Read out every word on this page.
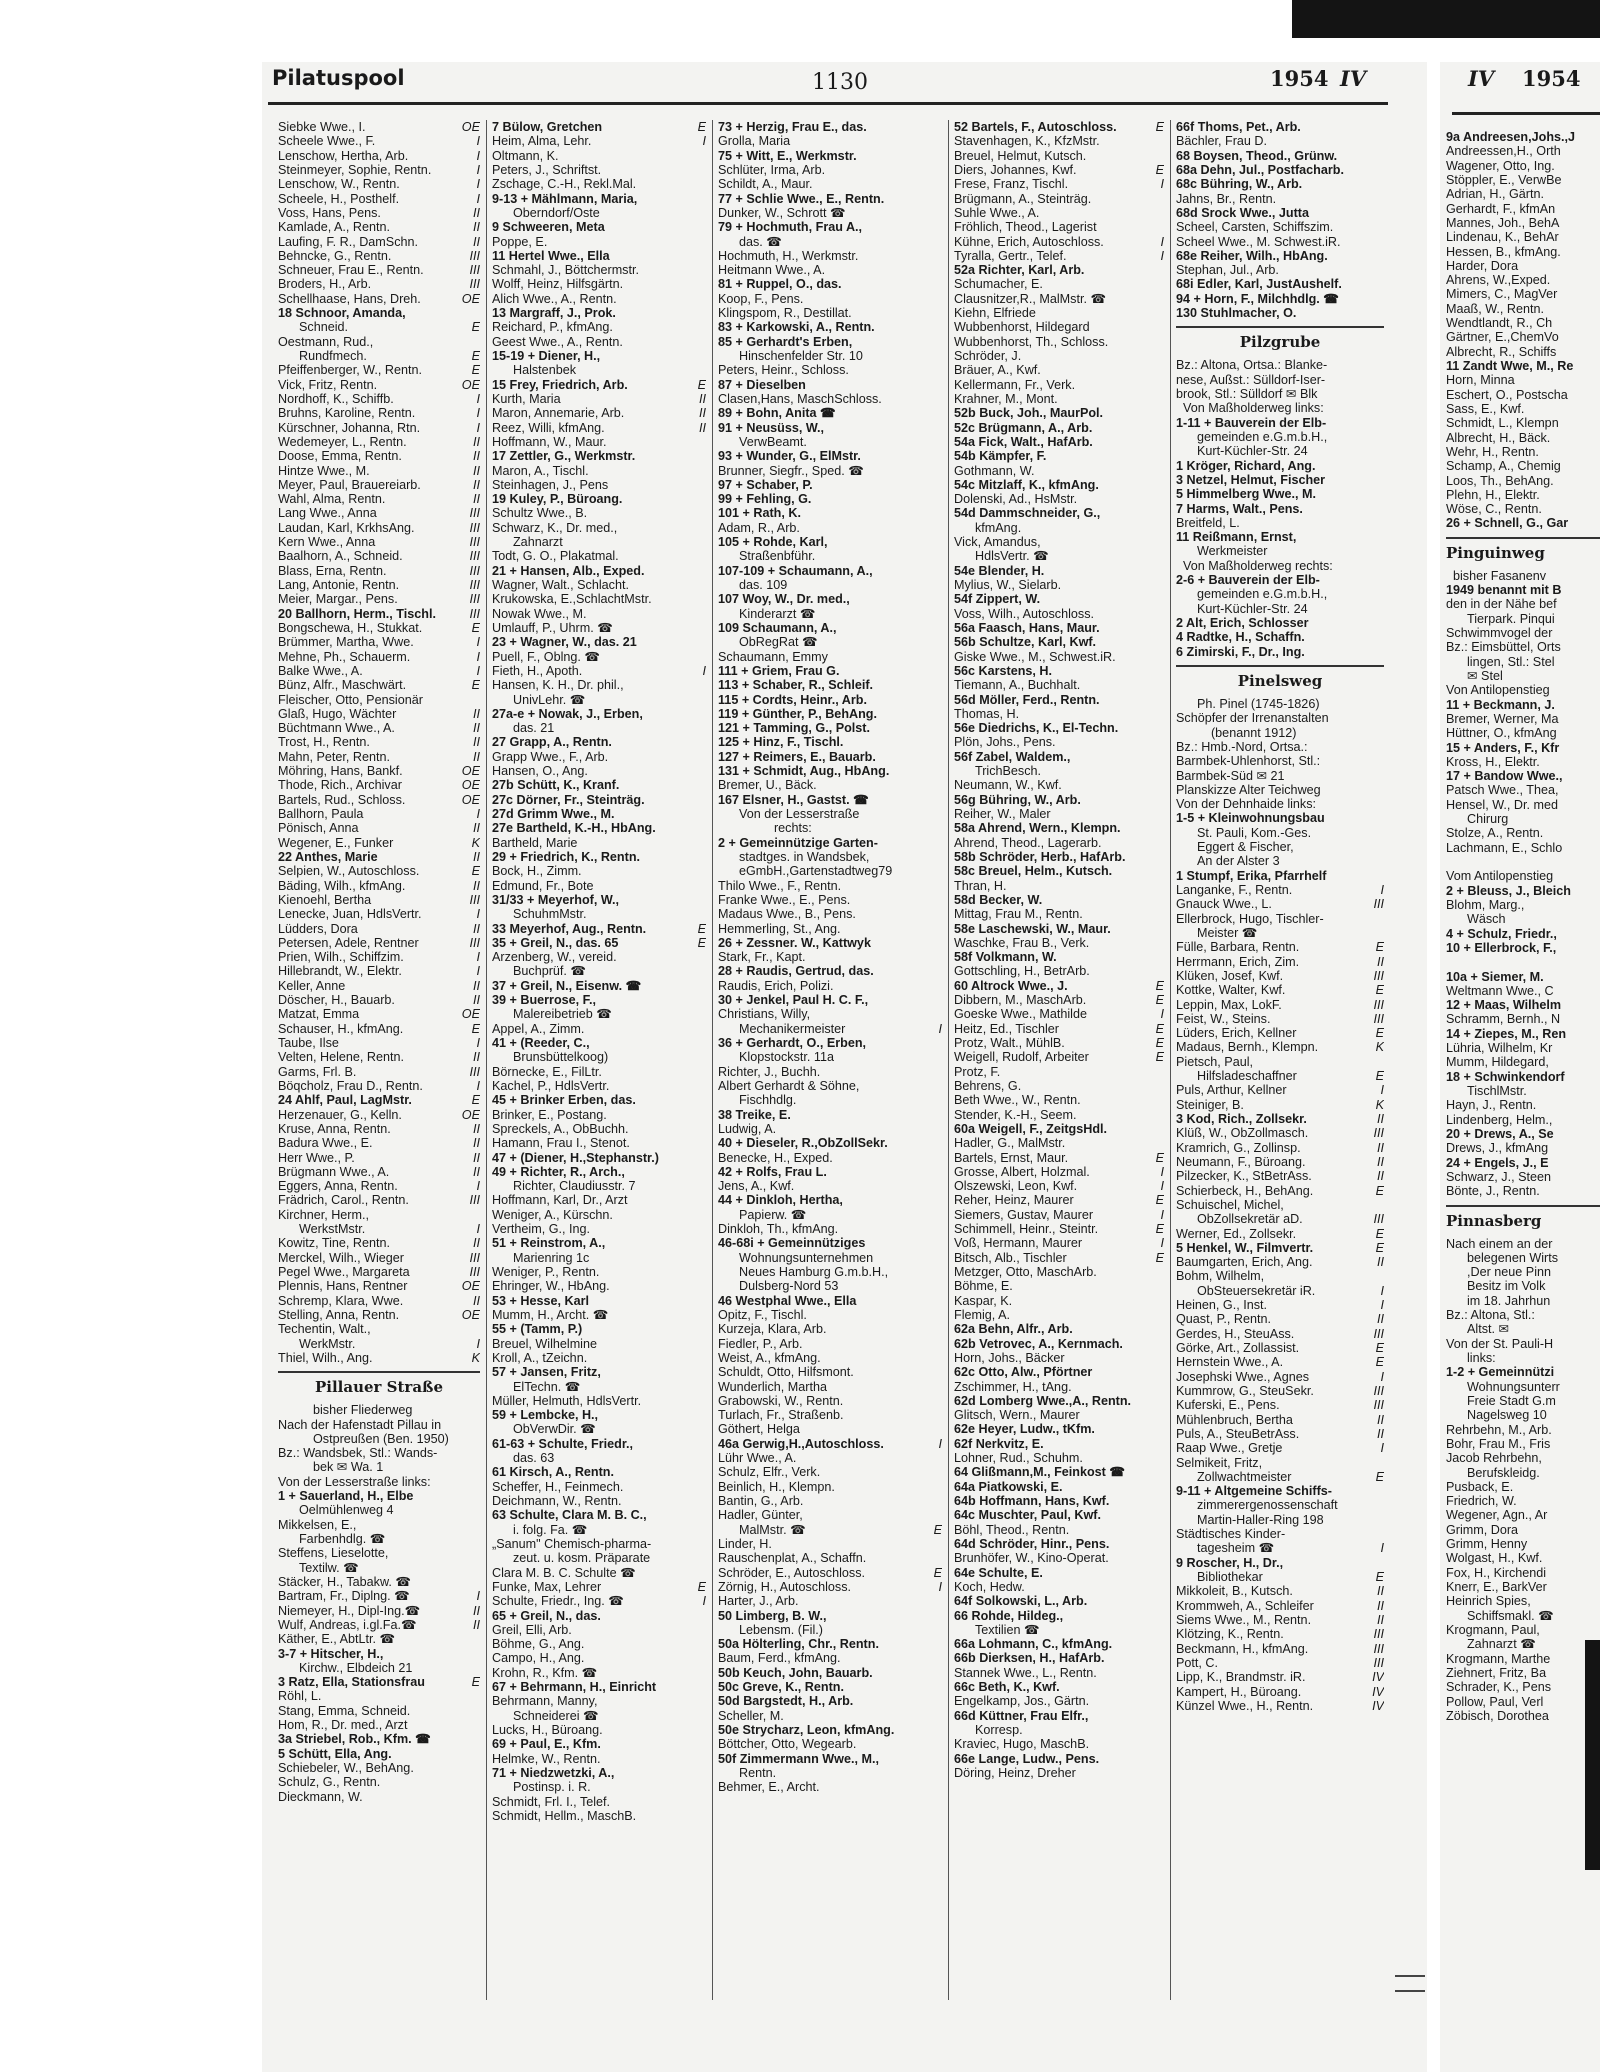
Pilatuspool	1130	1954 IV	IV 1954
Siebke Wwe., I.	OE
Scheele Wwe., F.	I
Lenschow, Hertha, Arb.	I
Steinmeyer, Sophie, Rentn.	I
Lenschow, W., Rentn.	I
Scheele, H., Posthelf.	I
Voss, Hans, Pens.	II
Kamlade, A., Rentn.	II
Laufing, F. R., DamSchn.	II
Behncke, G., Rentn.	III
Schneuer, Frau E., Rentn.	III
Broders, H., Arb.	III
Schellhaase, Hans, Dreh.	OE
18 Schnoor, Amanda,
Schneid.	E
Oestmann, Rud.,
Rundfmech.	E
Pfeiffenberger, W., Rentn.	E
Vick, Fritz, Rentn.	OE
Nordhoff, K., Schiffb.	I
Bruhns, Karoline, Rentn.	I
Kürschner, Johanna, Rtn.	I
Wedemeyer, L., Rentn.	II
Doose, Emma, Rentn.	II
Hintze Wwe., M.	II
Meyer, Paul, Brauereiarb.	II
Wahl, Alma, Rentn.	II
Lang Wwe., Anna	III
Laudan, Karl, KrkhsAng.	III
Kern Wwe., Anna	III
Baalhorn, A., Schneid.	III
Blass, Erna, Rentn.	III
Lang, Antonie, Rentn.	III
Meier, Margar., Pens.	III
20 Ballhorn, Herm., Tischl.	III
Bongschewa, H., Stukkat.	E
Brümmer, Martha, Wwe.	I
Mehne, Ph., Schauerm.	I
Balke Wwe., A.	I
Bünz, Alfr., Maschwärt.	E
Fleischer, Otto, Pensionär
Glaß, Hugo, Wächter	II
Büchtmann Wwe., A.	II
Trost, H., Rentn.	II
Mahn, Peter, Rentn.	II
Möhring, Hans, Bankf.	OE
Thode, Rich., Archivar	OE
Bartels, Rud., Schloss.	OE
Ballhorn, Paula	I
Pönisch, Anna	II
Wegener, E., Funker	K
22 Anthes, Marie	II
Selpien, W., Autoschloss.	E
Bäding, Wilh., kfmAng.	II
Kienoehl, Bertha	III
Lenecke, Juan, HdlsVertr.	I
Lüdders, Dora	II
Petersen, Adele, Rentner	III
Prien, Wilh., Schiffzim.	I
Hillebrandt, W., Elektr.	I
Keller, Anne	II
Döscher, H., Bauarb.	II
Matzat, Emma	OE
Schauser, H., kfmAng.	E
Taube, Ilse	I
Velten, Helene, Rentn.	II
Garms, Frl. B.	III
Böqcholz, Frau D., Rentn.	I
24 Ahlf, Paul, LagMstr.	E
Herzenauer, G., Kelln.	OE
Kruse, Anna, Rentn.	II
Badura Wwe., E.	II
Herr Wwe., P.	II
Brügmann Wwe., A.	II
Eggers, Anna, Rentn.	I
Frädrich, Carol., Rentn.	III
Kirchner, Herm.,
WerkstMstr.	I
Kowitz, Tine, Rentn.	II
Merckel, Wilh., Wieger	III
Pegel Wwe., Margareta	III
Plennis, Hans, Rentner	OE
Schremp, Klara, Wwe.	II
Stelling, Anna, Rentn.	OE
Techentin, Walt.,
WerkMstr.	I
Thiel, Wilh., Ang.	K
Pillauer Straße
bisher Fliederweg
Nach der Hafenstadt Pillau in
Ostpreußen (Ben. 1950)
Bz.: Wandsbek, Stl.: Wands-
bek ✉ Wa. 1
Von der Lesserstraße links:
1 + Sauerland, H., Elbe
Oelmühlenweg 4
Mikkelsen, E.,
Farbenhdlg. ☎
Steffens, Lieselotte,
Textilw. ☎
Stäcker, H., Tabakw. ☎
Bartram, Fr., Diplng. ☎	I
Niemeyer, H., Dipl-Ing.☎	II
Wulf, Andreas, i.gl.Fa.☎	II
Käther, E., AbtLtr. ☎
3-7 + Hitscher, H.,
Kirchw., Elbdeich 21
3 Ratz, Ella, Stationsfrau	E
Röhl, L.
Stang, Emma, Schneid.
Hom, R., Dr. med., Arzt
3a Striebel, Rob., Kfm. ☎
5 Schütt, Ella, Ang.
Schiebeler, W., BehAng.
Schulz, G., Rentn.
Dieckmann, W.
7 Bülow, Gretchen	E
Heim, Alma, Lehr.	I
Oltmann, K.
Peters, J., Schriftst.
Zschage, C.-H., Rekl.Mal.
9-13 + Mählmann, Maria,
Oberndorf/Oste
9 Schweeren, Meta
Poppe, E.
11 Hertel Wwe., Ella
Schmahl, J., Böttchermstr.
Wolff, Heinz, Hilfsgärtn.
Alich Wwe., A., Rentn.
13 Margraff, J., Prok.
Reichard, P., kfmAng.
Geest Wwe., A., Rentn.
15-19 + Diener, H.,
Halstenbek
15 Frey, Friedrich, Arb.	E
Kurth, Maria	II
Maron, Annemarie, Arb.	II
Reez, Willi, kfmAng.	II
Hoffmann, W., Maur.
17 Zettler, G., Werkmstr.
Maron, A., Tischl.
Steinhagen, J., Pens
19 Kuley, P., Büroang.
Schultz Wwe., B.
Schwarz, K., Dr. med.,
Zahnarzt
Todt, G. O., Plakatmal.
21 + Hansen, Alb., Exped.
Wagner, Walt., Schlacht.
Krukowska, E.,SchlachtMstr.
Nowak Wwe., M.
Umlauff, P., Uhrm. ☎
23 + Wagner, W., das. 21
Puell, F., Oblng. ☎
Fieth, H., Apoth.	I
Hansen, K. H., Dr. phil.,
UnivLehr. ☎
27a-e + Nowak, J., Erben,
das. 21
27 Grapp, A., Rentn.
Grapp Wwe., F., Arb.
Hansen, O., Ang.
27b Schütt, K., Kranf.
27c Dörner, Fr., Steinträg.
27d Grimm Wwe., M.
27e Bartheld, K.-H., HbAng.
Bartheld, Marie
29 + Friedrich, K., Rentn.
Bock, H., Zimm.
Edmund, Fr., Bote
31/33 + Meyerhof, W.,
SchuhmMstr.
33 Meyerhof, Aug., Rentn.	E
35 + Greil, N., das. 65	E
Arzenberg, W., vereid.
Buchprüf. ☎
37 + Greil, N., Eisenw. ☎
39 + Buerrose, F.,
Malereibetrieb ☎
Appel, A., Zimm.
41 + (Reeder, C.,
Brunsbüttelkoog)
Börnecke, E., FilLtr.
Kachel, P., HdlsVertr.
45 + Brinker Erben, das.
Brinker, E., Postang.
Spreckels, A., ObBuchh.
Hamann, Frau I., Stenot.
47 + (Diener, H.,Stephanstr.)
49 + Richter, R., Arch.,
Richter, Claudiusstr. 7
Hoffmann, Karl, Dr., Arzt
Weniger, A., Kürschn.
Vertheim, G., Ing.
51 + Reinstrom, A.,
Marienring 1c
Weniger, P., Rentn.
Ehringer, W., HbAng.
53 + Hesse, Karl
Mumm, H., Archt. ☎
55 + (Tamm, P.)
Breuel, Wilhelmine
Kroll, A., tZeichn.
57 + Jansen, Fritz,
ElTechn. ☎
Müller, Helmuth, HdlsVertr.
59 + Lembcke, H.,
ObVerwDir. ☎
61-63 + Schulte, Friedr.,
das. 63
61 Kirsch, A., Rentn.
Scheffer, H., Feinmech.
Deichmann, W., Rentn.
63 Schulte, Clara M. B. C.,
i. folg. Fa. ☎
„Sanum" Chemisch-pharma-
zeut. u. kosm. Präparate
Clara M. B. C. Schulte ☎
Funke, Max, Lehrer	E
Schulte, Friedr., Ing. ☎	I
65 + Greil, N., das.
Greil, Elli, Arb.
Böhme, G., Ang.
Campo, H., Ang.
Krohn, R., Kfm. ☎
67 + Behrmann, H., Einricht
Behrmann, Manny,
Schneiderei ☎
Lucks, H., Büroang.
69 + Paul, E., Kfm.
Helmke, W., Rentn.
71 + Niedzwetzki, A.,
Postinsp. i. R.
Schmidt, Frl. I., Telef.
Schmidt, Hellm., MaschB.
73 + Herzig, Frau E., das.
Grolla, Maria
75 + Witt, E., Werkmstr.
Schlüter, Irma, Arb.
Schildt, A., Maur.
77 + Schlie Wwe., E., Rentn.
Dunker, W., Schrott ☎
79 + Hochmuth, Frau A.,
das. ☎
Hochmuth, H., Werkmstr.
Heitmann Wwe., A.
81 + Ruppel, O., das.
Koop, F., Pens.
Klingspom, R., Destillat.
83 + Karkowski, A., Rentn.
85 + Gerhardt's Erben,
Hinschenfelder Str. 10
Peters, Heinr., Schloss.
87 + Dieselben
Clasen,Hans, MaschSchloss.
89 + Bohn, Anita ☎
91 + Neusüss, W.,
VerwBeamt.
93 + Wunder, G., ElMstr.
Brunner, Siegfr., Sped. ☎
97 + Schaber, P.
99 + Fehling, G.
101 + Rath, K.
Adam, R., Arb.
105 + Rohde, Karl,
Straßenbführ.
107-109 + Schaumann, A.,
das. 109
107 Woy, W., Dr. med.,
Kinderarzt ☎
109 Schaumann, A.,
ObRegRat ☎
Schaumann, Emmy
111 + Griem, Frau G.
113 + Schaber, R., Schleif.
115 + Cordts, Heinr., Arb.
119 + Günther, P., BehAng.
121 + Tamming, G., Polst.
125 + Hinz, F., Tischl.
127 + Reimers, E., Bauarb.
131 + Schmidt, Aug., HbAng.
Bremer, U., Bäck.
167 Elsner, H., Gastst. ☎
Von der Lesserstraße
rechts:
2 + Gemeinnützige Garten-
stadtges. in Wandsbek,
eGmbH.,Gartenstadtweg79
Thilo Wwe., F., Rentn.
Franke Wwe., E., Pens.
Madaus Wwe., B., Pens.
Hemmerling, St., Ang.
26 + Zessner. W., Kattwyk
Stark, Fr., Kapt.
28 + Raudis, Gertrud, das.
Raudis, Erich, Polizi.
30 + Jenkel, Paul H. C. F.,
Christians, Willy,
Mechanikermeister	I
36 + Gerhardt, O., Erben,
Klopstockstr. 11a
Richter, J., Buchh.
Albert Gerhardt & Söhne,
Fischhdlg.
38 Treike, E.
Ludwig, A.
40 + Dieseler, R.,ObZollSekr.
Benecke, H., Exped.
42 + Rolfs, Frau L.
Jens, A., Kwf.
44 + Dinkloh, Hertha,
Papierw. ☎
Dinkloh, Th., kfmAng.
46-68i + Gemeinnütziges
Wohnungsunternehmen
Neues Hamburg G.m.b.H.,
Dulsberg-Nord 53
46 Westphal Wwe., Ella
Opitz, F., Tischl.
Kurzeja, Klara, Arb.
Fiedler, P., Arb.
Weist, A., kfmAng.
Schuldt, Otto, Hilfsmont.
Wunderlich, Martha
Grabowski, W., Rentn.
Turlach, Fr., Straßenb.
Göthert, Helga
46a Gerwig,H.,Autoschloss.	I
Lühr Wwe., A.
Schulz, Elfr., Verk.
Beinlich, H., Klempn.
Bantin, G., Arb.
Hadler, Günter,
MalMstr. ☎	E
Linder, H.
Rauschenplat, A., Schaffn.
Schröder, E., Autoschloss.	E
Zörnig, H., Autoschloss.	I
Harter, J., Arb.
50 Limberg, B. W.,
Lebensm. (Fil.)
50a Hölterling, Chr., Rentn.
Baum, Ferd., kfmAng.
50b Keuch, John, Bauarb.
50c Greve, K., Rentn.
50d Bargstedt, H., Arb.
Scheller, M.
50e Strycharz, Leon, kfmAng.
Böttcher, Otto, Wegearb.
50f Zimmermann Wwe., M.,
Rentn.
Behmer, E., Archt.
52 Bartels, F., Autoschloss.	E
Stavenhagen, K., KfzMstr.
Breuel, Helmut, Kutsch.
Diers, Johannes, Kwf.	E
Frese, Franz, Tischl.	I
Brügmann, A., Steinträg.
Suhle Wwe., A.
Fröhlich, Theod., Lagerist
Kühne, Erich, Autoschloss.	I
Tyralla, Gertr., Telef.	I
52a Richter, Karl, Arb.
Schumacher, E.
Clausnitzer,R., MalMstr. ☎
Kiehn, Elfriede
Wubbenhorst, Hildegard
Wubbenhorst, Th., Schloss.
Schröder, J.
Bräuer, A., Kwf.
Kellermann, Fr., Verk.
Krahner, M., Mont.
52b Buck, Joh., MaurPol.
52c Brügmann, A., Arb.
54a Fick, Walt., HafArb.
54b Kämpfer, F.
Gothmann, W.
54c Mitzlaff, K., kfmAng.
Dolenski, Ad., HsMstr.
54d Dammschneider, G.,
kfmAng.
Vick, Amandus,
HdlsVertr. ☎
54e Blender, H.
Mylius, W., Sielarb.
54f Zippert, W.
Voss, Wilh., Autoschloss.
56a Faasch, Hans, Maur.
56b Schultze, Karl, Kwf.
Giske Wwe., M., Schwest.iR.
56c Karstens, H.
Tiemann, A., Buchhalt.
56d Möller, Ferd., Rentn.
Thomas, H.
56e Diedrichs, K., El-Techn.
Plön, Johs., Pens.
56f Zabel, Waldem.,
TrichBesch.
Neumann, W., Kwf.
56g Bühring, W., Arb.
Reiher, W., Maler
58a Ahrend, Wern., Klempn.
Ahrend, Theod., Lagerarb.
58b Schröder, Herb., HafArb.
58c Breuel, Helm., Kutsch.
Thran, H.
58d Becker, W.
Mittag, Frau M., Rentn.
58e Laschewski, W., Maur.
Waschke, Frau B., Verk.
58f Volkmann, W.
Gottschling, H., BetrArb.
60 Altrock Wwe., J.	E
Dibbern, M., MaschArb.	E
Goeske Wwe., Mathilde	I
Heitz, Ed., Tischler	E
Protz, Walt., MühlB.	E
Weigell, Rudolf, Arbeiter	E
Protz, F.
Behrens, G.
Beth Wwe., W., Rentn.
Stender, K.-H., Seem.
60a Weigell, F., ZeitgsHdl.
Hadler, G., MalMstr.
Bartels, Ernst, Maur.	E
Grosse, Albert, Holzmal.	I
Olszewski, Leon, Kwf.	I
Reher, Heinz, Maurer	E
Siemers, Gustav, Maurer	I
Schimmell, Heinr., Steintr.	E
Voß, Hermann, Maurer	I
Bitsch, Alb., Tischler	E
Metzger, Otto, MaschArb.
Böhme, E.
Kaspar, K.
Flemig, A.
62a Behn, Alfr., Arb.
62b Vetrovec, A., Kernmach.
Horn, Johs., Bäcker
62c Otto, Alw., Pförtner
Zschimmer, H., tAng.
62d Lomberg Wwe.,A., Rentn.
Glitsch, Wern., Maurer
62e Heyer, Ludw., tKfm.
62f Nerkvitz, E.
Lohner, Rud., Schuhm.
64 Glißmann,M., Feinkost ☎
64a Piatkowski, E.
64b Hoffmann, Hans, Kwf.
64c Muschter, Paul, Kwf.
Böhl, Theod., Rentn.
64d Schröder, Hinr., Pens.
Brunhöfer, W., Kino-Operat.
64e Schulte, E.
Koch, Hedw.
64f Solkowski, L., Arb.
66 Rohde, Hildeg.,
Textilien ☎
66a Lohmann, C., kfmAng.
66b Dierksen, H., HafArb.
Stannek Wwe., L., Rentn.
66c Beth, K., Kwf.
Engelkamp, Jos., Gärtn.
66d Küttner, Frau Elfr.,
Korresp.
Kraviec, Hugo, MaschB.
66e Lange, Ludw., Pens.
Döring, Heinz, Dreher
66f Thoms, Pet., Arb.
Bächler, Frau D.
68 Boysen, Theod., Grünw.
68a Dehn, Jul., Postfacharb.
68c Bühring, W., Arb.
Jahns, Br., Rentn.
68d Srock Wwe., Jutta
Scheel, Carsten, Schiffszim.
Scheel Wwe., M. Schwest.iR.
68e Reiher, Wilh., HbAng.
Stephan, Jul., Arb.
68i Edler, Karl, JustAushelf.
94 + Horn, F., Milchhdlg. ☎
130 Stuhlmacher, O.
Pilzgrube
Bz.: Altona, Ortsa.: Blanke-
nese, Außst.: Sülldorf-Iser-
brook, Stl.: Sülldorf ✉ Blk
Von Maßholderweg links:
1-11 + Bauverein der Elb-
gemeinden e.G.m.b.H.,
Kurt-Küchler-Str. 24
1 Kröger, Richard, Ang.
3 Netzel, Helmut, Fischer
5 Himmelberg Wwe., M.
7 Harms, Walt., Pens.
Breitfeld, L.
11 Reißmann, Ernst,
Werkmeister
Von Maßholderweg rechts:
2-6 + Bauverein der Elb-
gemeinden e.G.m.b.H.,
Kurt-Küchler-Str. 24
2 Alt, Erich, Schlosser
4 Radtke, H., Schaffn.
6 Zimirski, F., Dr., Ing.
Pinelsweg
Ph. Pinel (1745-1826)
Schöpfer der Irrenanstalten
(benannt 1912)
Bz.: Hmb.-Nord, Ortsa.:
Barmbek-Uhlenhorst, Stl.:
Barmbek-Süd ✉ 21
Planskizze Alter Teichweg
Von der Dehnhaide links:
1-5 + Kleinwohnungsbau
St. Pauli, Kom.-Ges.
Eggert & Fischer,
An der Alster 3
1 Stumpf, Erika, Pfarrhelf
Langanke, F., Rentn.	I
Gnauck Wwe., L.	III
Ellerbrock, Hugo, Tischler-
Meister ☎
Fülle, Barbara, Rentn.	E
Herrmann, Erich, Zim.	II
Klüken, Josef, Kwf.	III
Kottke, Walter, Kwf.	E
Leppin, Max, LokF.	III
Feist, W., Steins.	III
Lüders, Erich, Kellner	E
Madaus, Bernh., Klempn.	K
Pietsch, Paul,
Hilfsladeschaffner	E
Puls, Arthur, Kellner	I
Steiniger, B.	K
3 Kod, Rich., Zollsekr.	II
Klüß, W., ObZollmasch.	III
Kramrich, G., Zollinsp.	II
Neumann, F., Büroang.	II
Pilzecker, K., StBetrAss.	II
Schierbeck, H., BehAng.	E
Schuischel, Michel,
ObZollsekretär aD.	III
Werner, Ed., Zollsekr.	E
5 Henkel, W., Filmvertr.	E
Baumgarten, Erich, Ang.	II
Bohm, Wilhelm,
ObSteuersekretär iR.	I
Heinen, G., Inst.	I
Quast, P., Rentn.	II
Gerdes, H., SteuAss.	III
Görke, Art., Zollassist.	E
Hernstein Wwe., A.	E
Josephski Wwe., Agnes	I
Kummrow, G., SteuSekr.	III
Kuferski, E., Pens.	III
Mühlenbruch, Bertha	II
Puls, A., SteuBetrAss.	II
Raap Wwe., Gretje	I
Selmikeit, Fritz,
Zollwachtmeister	E
9-11 + Altgemeine Schiffs-
zimmerergenossenschaft
Martin-Haller-Ring 198
Städtisches Kinder-
tagesheim ☎	I
9 Roscher, H., Dr.,
Bibliothekar	E
Mikkoleit, B., Kutsch.	II
Krommweh, A., Schleifer	II
Siems Wwe., M., Rentn.	II
Klötzing, K., Rentn.	III
Beckmann, H., kfmAng.	III
Pott, C.	III
Lipp, K., Brandmstr. iR.	IV
Kampert, H., Büroang.	IV
Künzel Wwe., H., Rentn.	IV
9a Andreesen,Johs.,J
Andreessen,H., Orth
Wagener, Otto, Ing.
Stöppler, E., VerwBe
Adrian, H., Gärtn.
Gerhardt, F., kfmAn
Mannes, Joh., BehA
Lindenau, K., BehAr
Hessen, B., kfmAng.
Harder, Dora
Ahrens, W.,Exped.
Mimers, C., MagVer
Maaß, W., Rentn.
Wendtlandt, R., Ch
Gärtner, E.,ChemVo
Albrecht, R., Schiffs
11 Zandt Wwe, M., Re
Horn, Minna
Eschert, O., Postscha
Sass, E., Kwf.
Schmidt, L., Klempn
Albrecht, H., Bäck.
Wehr, H., Rentn.
Schamp, A., Chemig
Loos, Th., BehAng.
Plehn, H., Elektr.
Wöse, C., Rentn.
26 + Schnell, G., Gar
Pinguinweg
bisher Fasanenv
1949 benannt mit B
den in der Nähe bef
Tierpark. Pinqui
Schwimmvogel der
Bz.: Eimsbüttel, Orts
lingen, Stl.: Stel
✉ Stel
Von Antilopenstieg
11 + Beckmann, J.
Bremer, Werner, Ma
Hüttner, O., kfmAng
15 + Anders, F., Kfr
Kross, H., Elektr.
17 + Bandow Wwe.,
Patsch Wwe., Thea,
Hensel, W., Dr. med
Chirurg
Stolze, A., Rentn.
Lachmann, E., Schlo

Vom Antilopenstieg
2 + Bleuss, J., Bleich
Blohm, Marg.,
Wäsch
4 + Schulz, Friedr.,
10 + Ellerbrock, F.,

10a + Siemer, M.
Weltmann Wwe., C
12 + Maas, Wilhelm
Schramm, Bernh., N
14 + Ziepes, M., Ren
Lühria, Wilhelm, Kr
Mumm, Hildegard,
18 + Schwinkendorf
TischlMstr.
Hayn, J., Rentn.
Lindenberg, Helm.,
20 + Drews, A., Se
Drews, J., kfmAng
24 + Engels, J., E
Schwarz, J., Steen
Bönte, J., Rentn.
Pinnasberg
Nach einem an der
belegenen Wirts
,Der neue Pinn
Besitz im Volk
im 18. Jahrhun
Bz.: Altona, Stl.:
Altst. ✉
Von der St. Pauli-H
links:
1-2 + Gemeinnützi
Wohnungsunterr
Freie Stadt G.m
Nagelsweg 10
Rehrbehn, M., Arb.
Bohr, Frau M., Fris
Jacob Rehrbehn,
Berufskleidg.
Pusback, E.
Friedrich, W.
Wegener, Agn., Ar
Grimm, Dora
Grimm, Henny
Wolgast, H., Kwf.
Fox, H., Kirchendi
Knerr, E., BarkVer
Heinrich Spies,
Schiffsmakl. ☎
Krogmann, Paul,
Zahnarzt ☎
Krogmann, Marthe
Ziehnert, Fritz, Ba
Schrader, K., Pens
Pollow, Paul, Verl
Zöbisch, Dorothea
